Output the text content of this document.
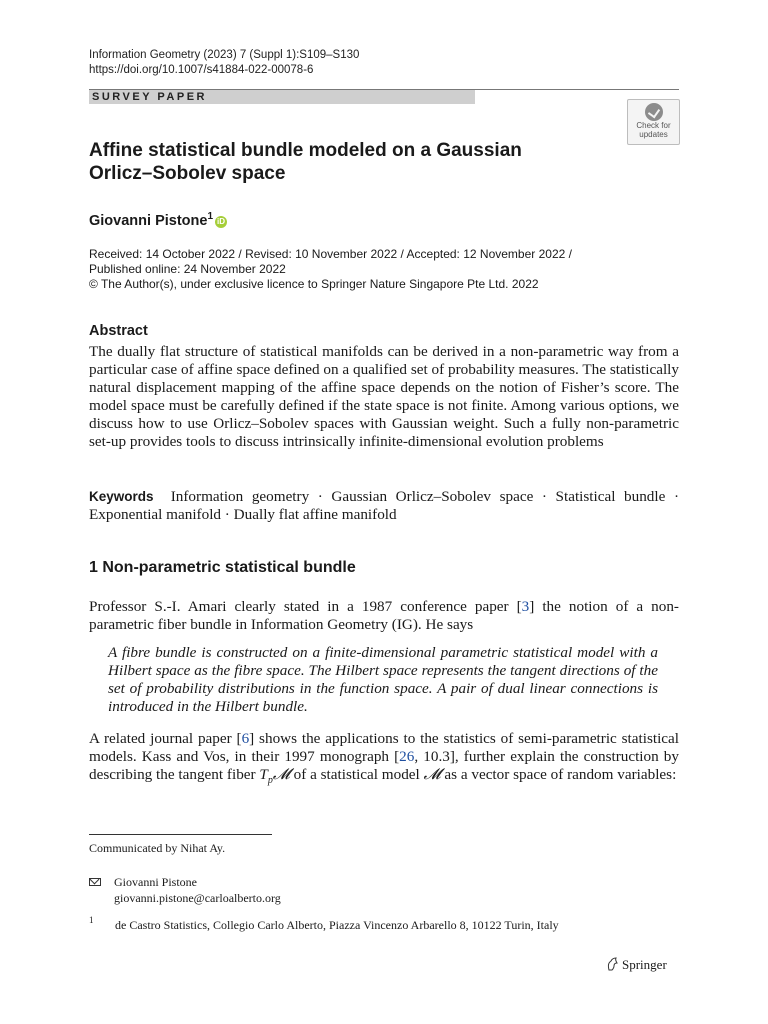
Information Geometry (2023) 7 (Suppl 1):S109–S130
https://doi.org/10.1007/s41884-022-00078-6
SURVEY PAPER
Check for
updates
Affine statistical bundle modeled on a Gaussian
Orlicz–Sobolev space
Giovanni Pistone$^1$ iD
Received: 14 October 2022 / Revised: 10 November 2022 / Accepted: 12 November 2022 /
Published online: 24 November 2022
© The Author(s), under exclusive licence to Springer Nature Singapore Pte Ltd. 2022
Abstract
The dually flat structure of statistical manifolds can be derived in a non-parametric way from a particular case of affine space defined on a qualified set of probability measures. The statistically natural displacement mapping of the affine space depends on the notion of Fisher’s score. The model space must be carefully defined if the state space is not finite. Among various options, we discuss how to use Orlicz–Sobolev spaces with Gaussian weight. Such a fully non-parametric set-up provides tools to discuss intrinsically infinite-dimensional evolution problems
Keywords Information geometry · Gaussian Orlicz–Sobolev space · Statistical bundle · Exponential manifold · Dually flat affine manifold
1 Non-parametric statistical bundle
Professor S.-I. Amari clearly stated in a 1987 conference paper [3] the notion of a non-parametric fiber bundle in Information Geometry (IG). He says
A fibre bundle is constructed on a finite-dimensional parametric statistical model with a Hilbert space as the fibre space. The Hilbert space represents the tangent directions of the set of probability distributions in the function space. A pair of dual linear connections is introduced in the Hilbert bundle.
A related journal paper [6] shows the applications to the statistics of semi-parametric statistical models. Kass and Vos, in their 1997 monograph [26, 10.3], further explain the construction by describing the tangent fiber $T_p𝓜$ of a statistical model 𝓜 as a vector space of random variables:
Communicated by Nihat Ay.
Giovanni Pistone
giovanni.pistone@carloalberto.org
1 de Castro Statistics, Collegio Carlo Alberto, Piazza Vincenzo Arbarello 8, 10122 Turin, Italy
Springer
